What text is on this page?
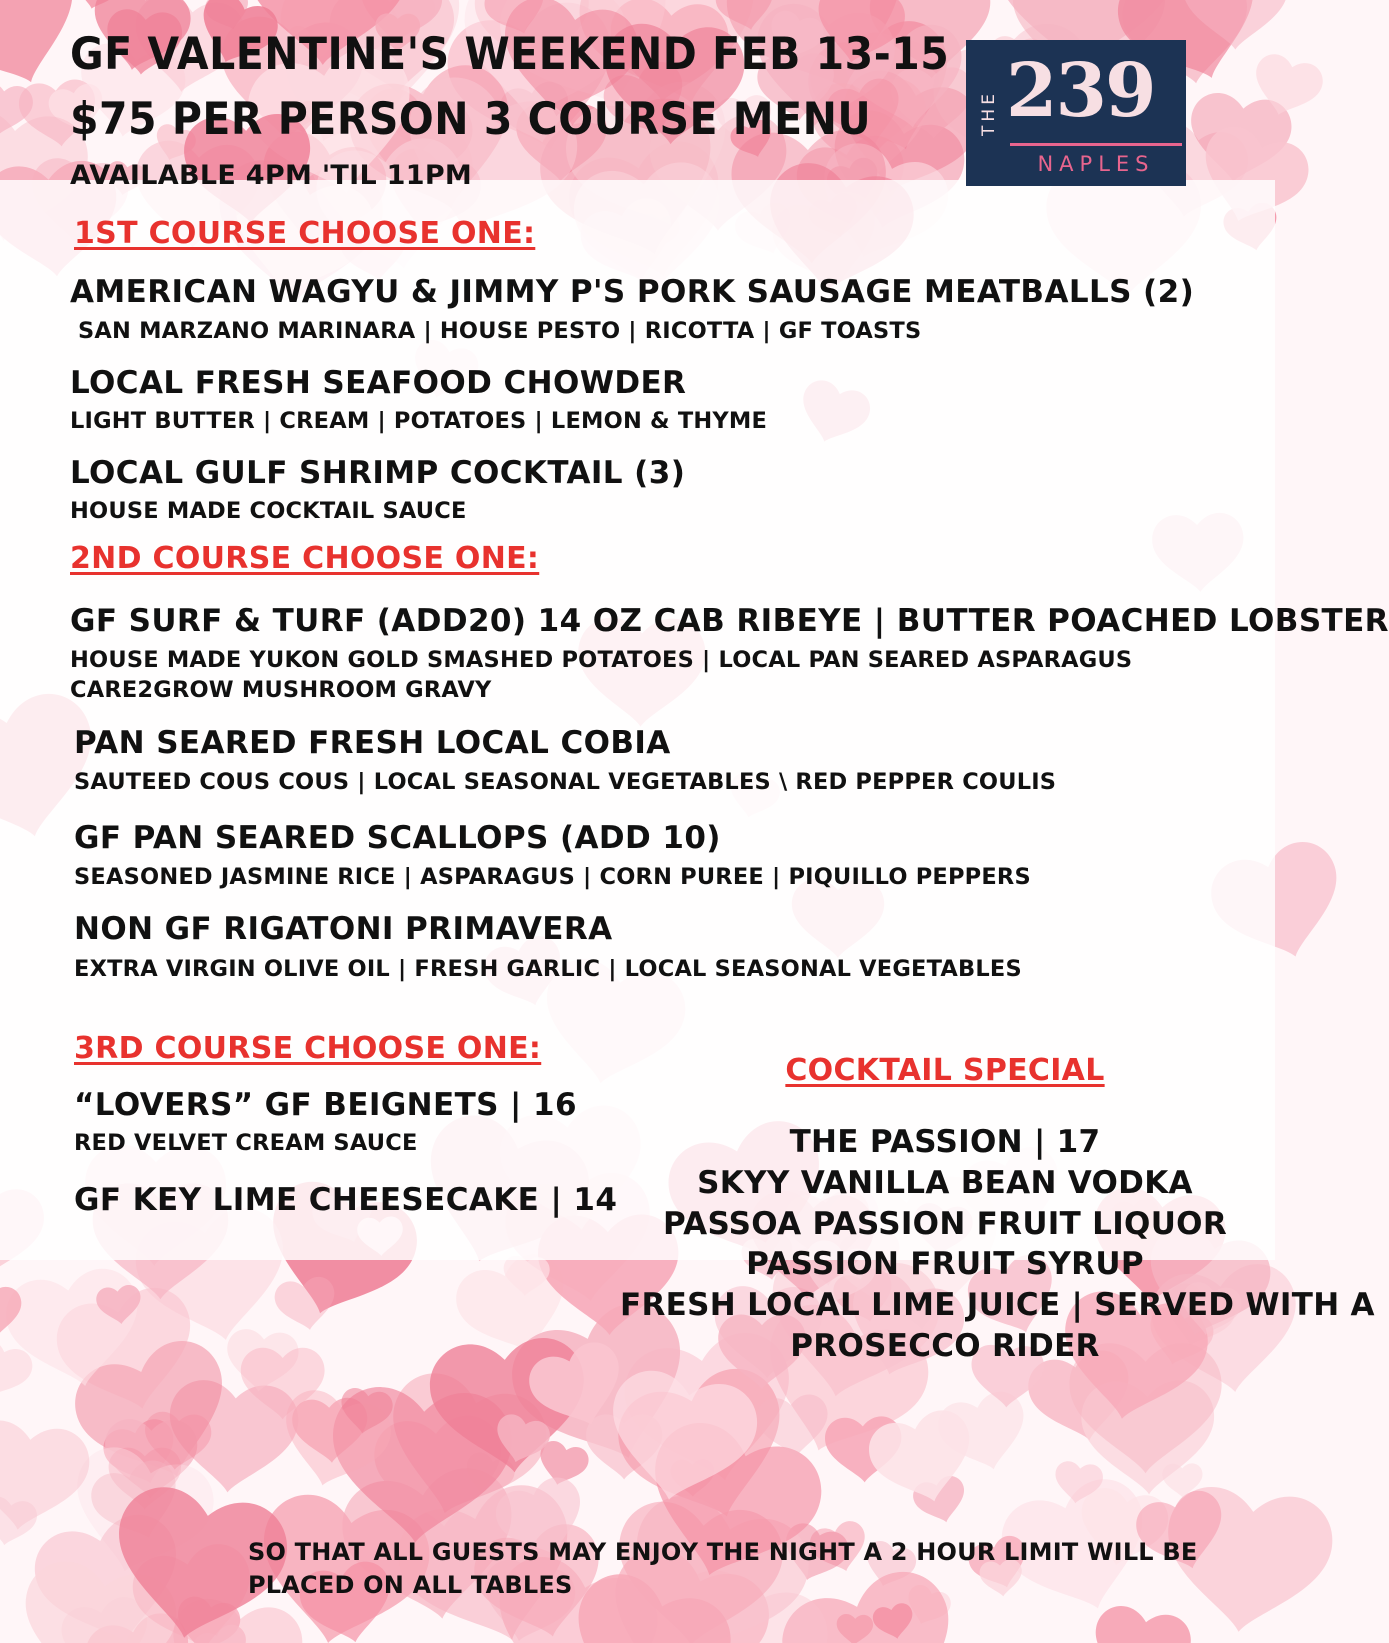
GF VALENTINE'S WEEKEND FEB 13-15
$75 PER PERSON 3 COURSE MENU
AVAILABLE 4PM 'TIL 11PM
1ST COURSE CHOOSE ONE:
AMERICAN WAGYU & JIMMY P'S PORK SAUSAGE MEATBALLS (2)
SAN MARZANO MARINARA | HOUSE PESTO | RICOTTA | GF TOASTS
LOCAL FRESH SEAFOOD CHOWDER
LIGHT BUTTER | CREAM | POTATOES | LEMON & THYME
LOCAL GULF SHRIMP COCKTAIL (3)
HOUSE MADE COCKTAIL SAUCE
2ND COURSE CHOOSE ONE:
GF SURF & TURF (ADD20) 14 OZ CAB RIBEYE | BUTTER POACHED LOBSTER
HOUSE MADE YUKON GOLD SMASHED POTATOES | LOCAL PAN SEARED ASPARAGUS
CARE2GROW MUSHROOM GRAVY
PAN SEARED FRESH LOCAL COBIA
SAUTEED COUS COUS | LOCAL SEASONAL VEGETABLES \ RED PEPPER COULIS
GF PAN SEARED SCALLOPS (ADD 10)
SEASONED JASMINE RICE | ASPARAGUS | CORN PUREE | PIQUILLO PEPPERS
NON GF RIGATONI PRIMAVERA
EXTRA VIRGIN OLIVE OIL | FRESH GARLIC | LOCAL SEASONAL VEGETABLES
3RD COURSE CHOOSE ONE:
“LOVERS” GF BEIGNETS | 16
RED VELVET CREAM SAUCE
GF KEY LIME CHEESECAKE | 14
COCKTAIL SPECIAL
THE PASSION | 17
SKYY VANILLA BEAN VODKA
PASSOA PASSION FRUIT LIQUOR
PASSION FRUIT SYRUP
FRESH LOCAL LIME JUICE | SERVED WITH A
PROSECCO RIDER
SO THAT ALL GUESTS MAY ENJOY THE NIGHT A 2 HOUR LIMIT WILL BE
PLACED ON ALL TABLES
THE 239
NAPLES
